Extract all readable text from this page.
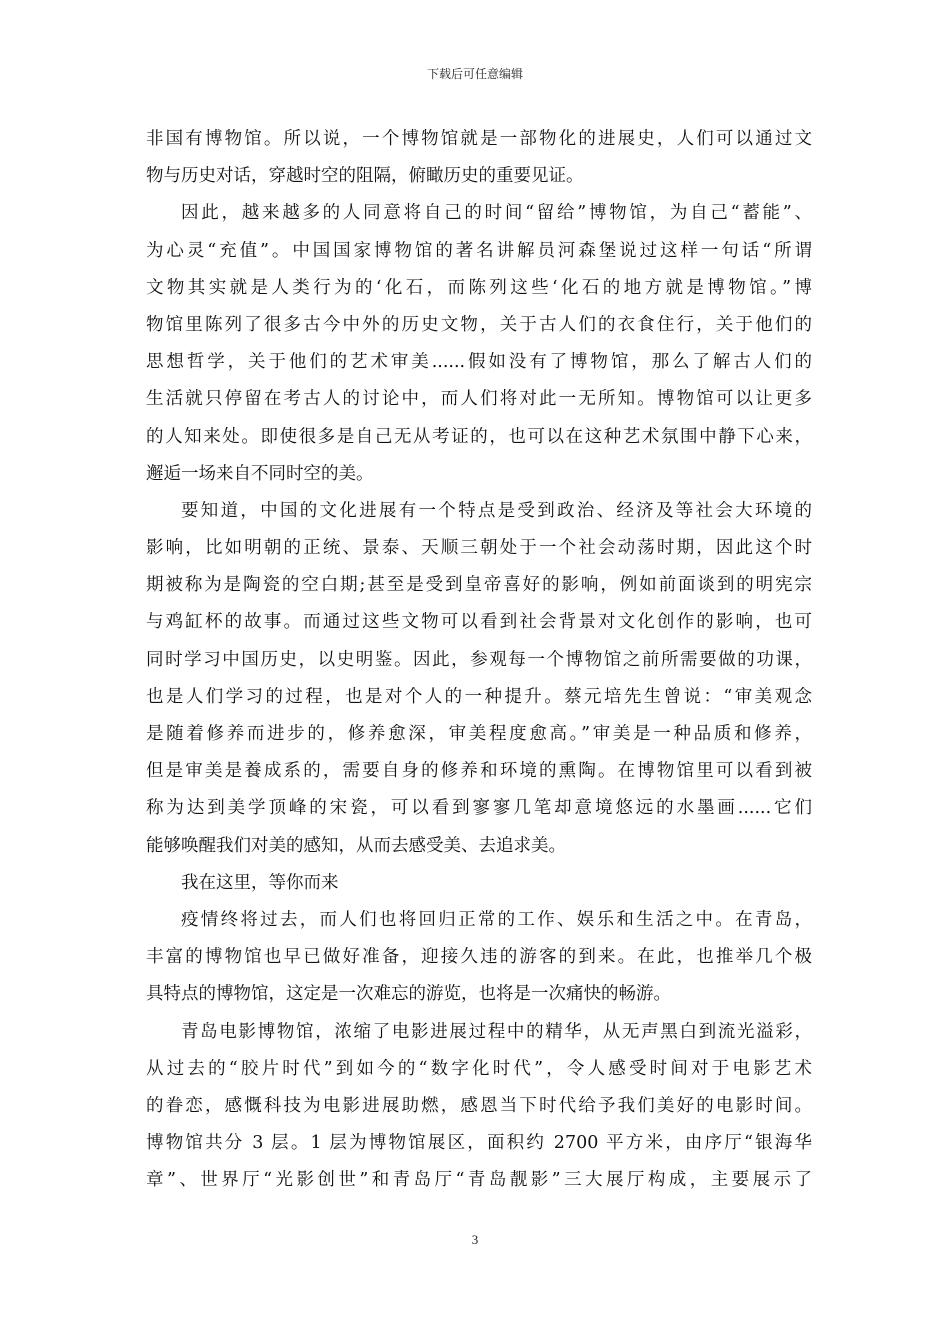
下载后可任意编辑
非国有博物馆。所以说，一个博物馆就是一部物化的进展史，人们可以通过文
物与历史对话，穿越时空的阻隔，俯瞰历史的重要见证。
因此，越来越多的人同意将自己的时间“留给”博物馆，为自己“蓄能”、
为心灵“充值”。中国国家博物馆的著名讲解员河森堡说过这样一句话“所谓
文物其实就是人类行为的‘化石，而陈列这些‘化石的地方就是博物馆。”博
物馆里陈列了很多古今中外的历史文物，关于古人们的衣食住行，关于他们的
思想哲学，关于他们的艺术审美......假如没有了博物馆，那么了解古人们的
生活就只停留在考古人的讨论中，而人们将对此一无所知。博物馆可以让更多
的人知来处。即使很多是自己无从考证的，也可以在这种艺术氛围中静下心来，
邂逅一场来自不同时空的美。
要知道，中国的文化进展有一个特点是受到政治、经济及等社会大环境的
影响，比如明朝的正统、景泰、天顺三朝处于一个社会动荡时期，因此这个时
期被称为是陶瓷的空白期;甚至是受到皇帝喜好的影响，例如前面谈到的明宪宗
与鸡缸杯的故事。而通过这些文物可以看到社会背景对文化创作的影响，也可
同时学习中国历史，以史明鉴。因此，参观每一个博物馆之前所需要做的功课，
也是人们学习的过程，也是对个人的一种提升。蔡元培先生曾说：“审美观念
是随着修养而进步的，修养愈深，审美程度愈高。”审美是一种品质和修养，
但是审美是養成系的，需要自身的修养和环境的熏陶。在博物馆里可以看到被
称为达到美学顶峰的宋瓷，可以看到寥寥几笔却意境悠远的水墨画......它们
能够唤醒我们对美的感知，从而去感受美、去追求美。
我在这里，等你而来
疫情终将过去，而人们也将回归正常的工作、娱乐和生活之中。在青岛，
丰富的博物馆也早已做好准备，迎接久违的游客的到来。在此，也推举几个极
具特点的博物馆，这定是一次难忘的游览，也将是一次痛快的畅游。
青岛电影博物馆，浓缩了电影进展过程中的精华，从无声黑白到流光溢彩，
从过去的“胶片时代”到如今的“数字化时代”，令人感受时间对于电影艺术
的眷恋，感慨科技为电影进展助燃，感恩当下时代给予我们美好的电影时间。
博物馆共分 3 层。1 层为博物馆展区，面积约 2700 平方米，由序厅“银海华
章”、世界厅“光影创世”和青岛厅“青岛靓影”三大展厅构成，主要展示了
3
